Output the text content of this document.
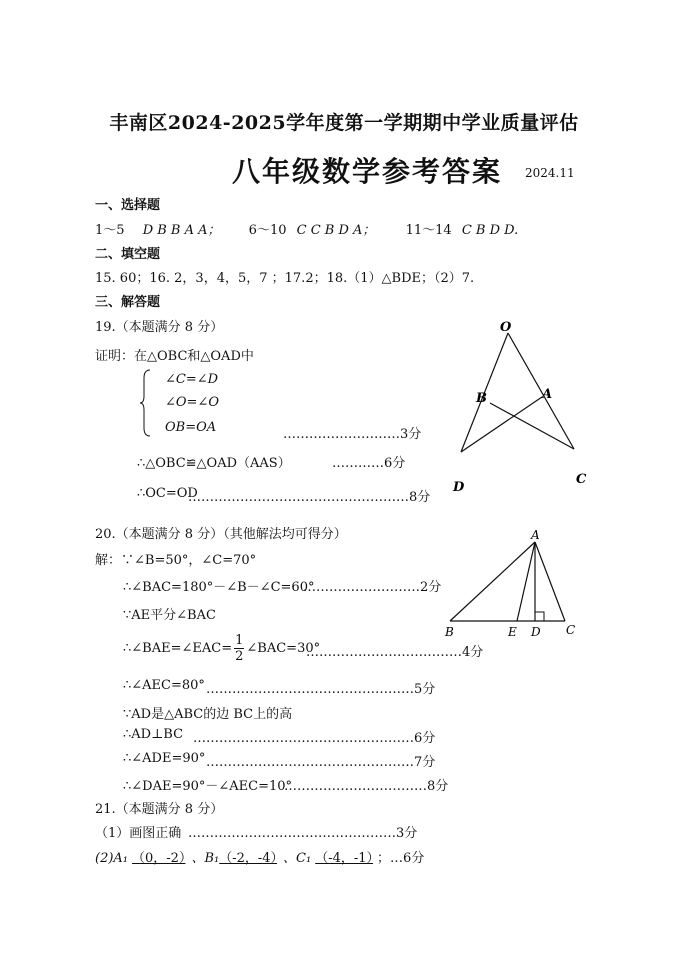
丰南区2024-2025学年度第一学期期中学业质量评估
八年级数学参考答案 2024.11
一、选择题
1～5 D B B A A； 6～10 C C B D A； 11～14 C B D D.
二、填空题
15. 60；16. 2，3，4，5，7 ；17.2；18.（1）△BDE；（2）7.
三、解答题
19.（本题满分 8 分）
证明：在△OBC和△OAD中
∠C=∠D
∠O=∠O
OB=OA	………………………3分
∴△OBC≌△OAD（AAS）	…………6分
∴OC=OD
……………………………………………8分
O
B	A
D
C
20.（本题满分 8 分）（其他解法均可得分）
解：∵∠B=50°，∠C=70°
∴∠BAC=180°－∠B－∠C=60°
………………………2分
∵AE平分∠BAC
∴∠BAE=∠EAC= $\frac{1}{2}$ ∠BAC=30°
………………………………4分
∴∠AEC=80° …………………………………………5分
∵AD是△ABC的边 BC上的高
∴AD⊥BC ……………………………………………6分
∴∠ADE=90° …………………………………………7分
∴∠DAE=90°－∠AEC=10°
……………………………8分
A
B	E D C
21.（本题满分 8 分）
（1）画图正确 …………………………………………3分
(2)A₁ （0，-2） 、B₁（-2，-4） 、C₁ （-4，-1） ；…6分
